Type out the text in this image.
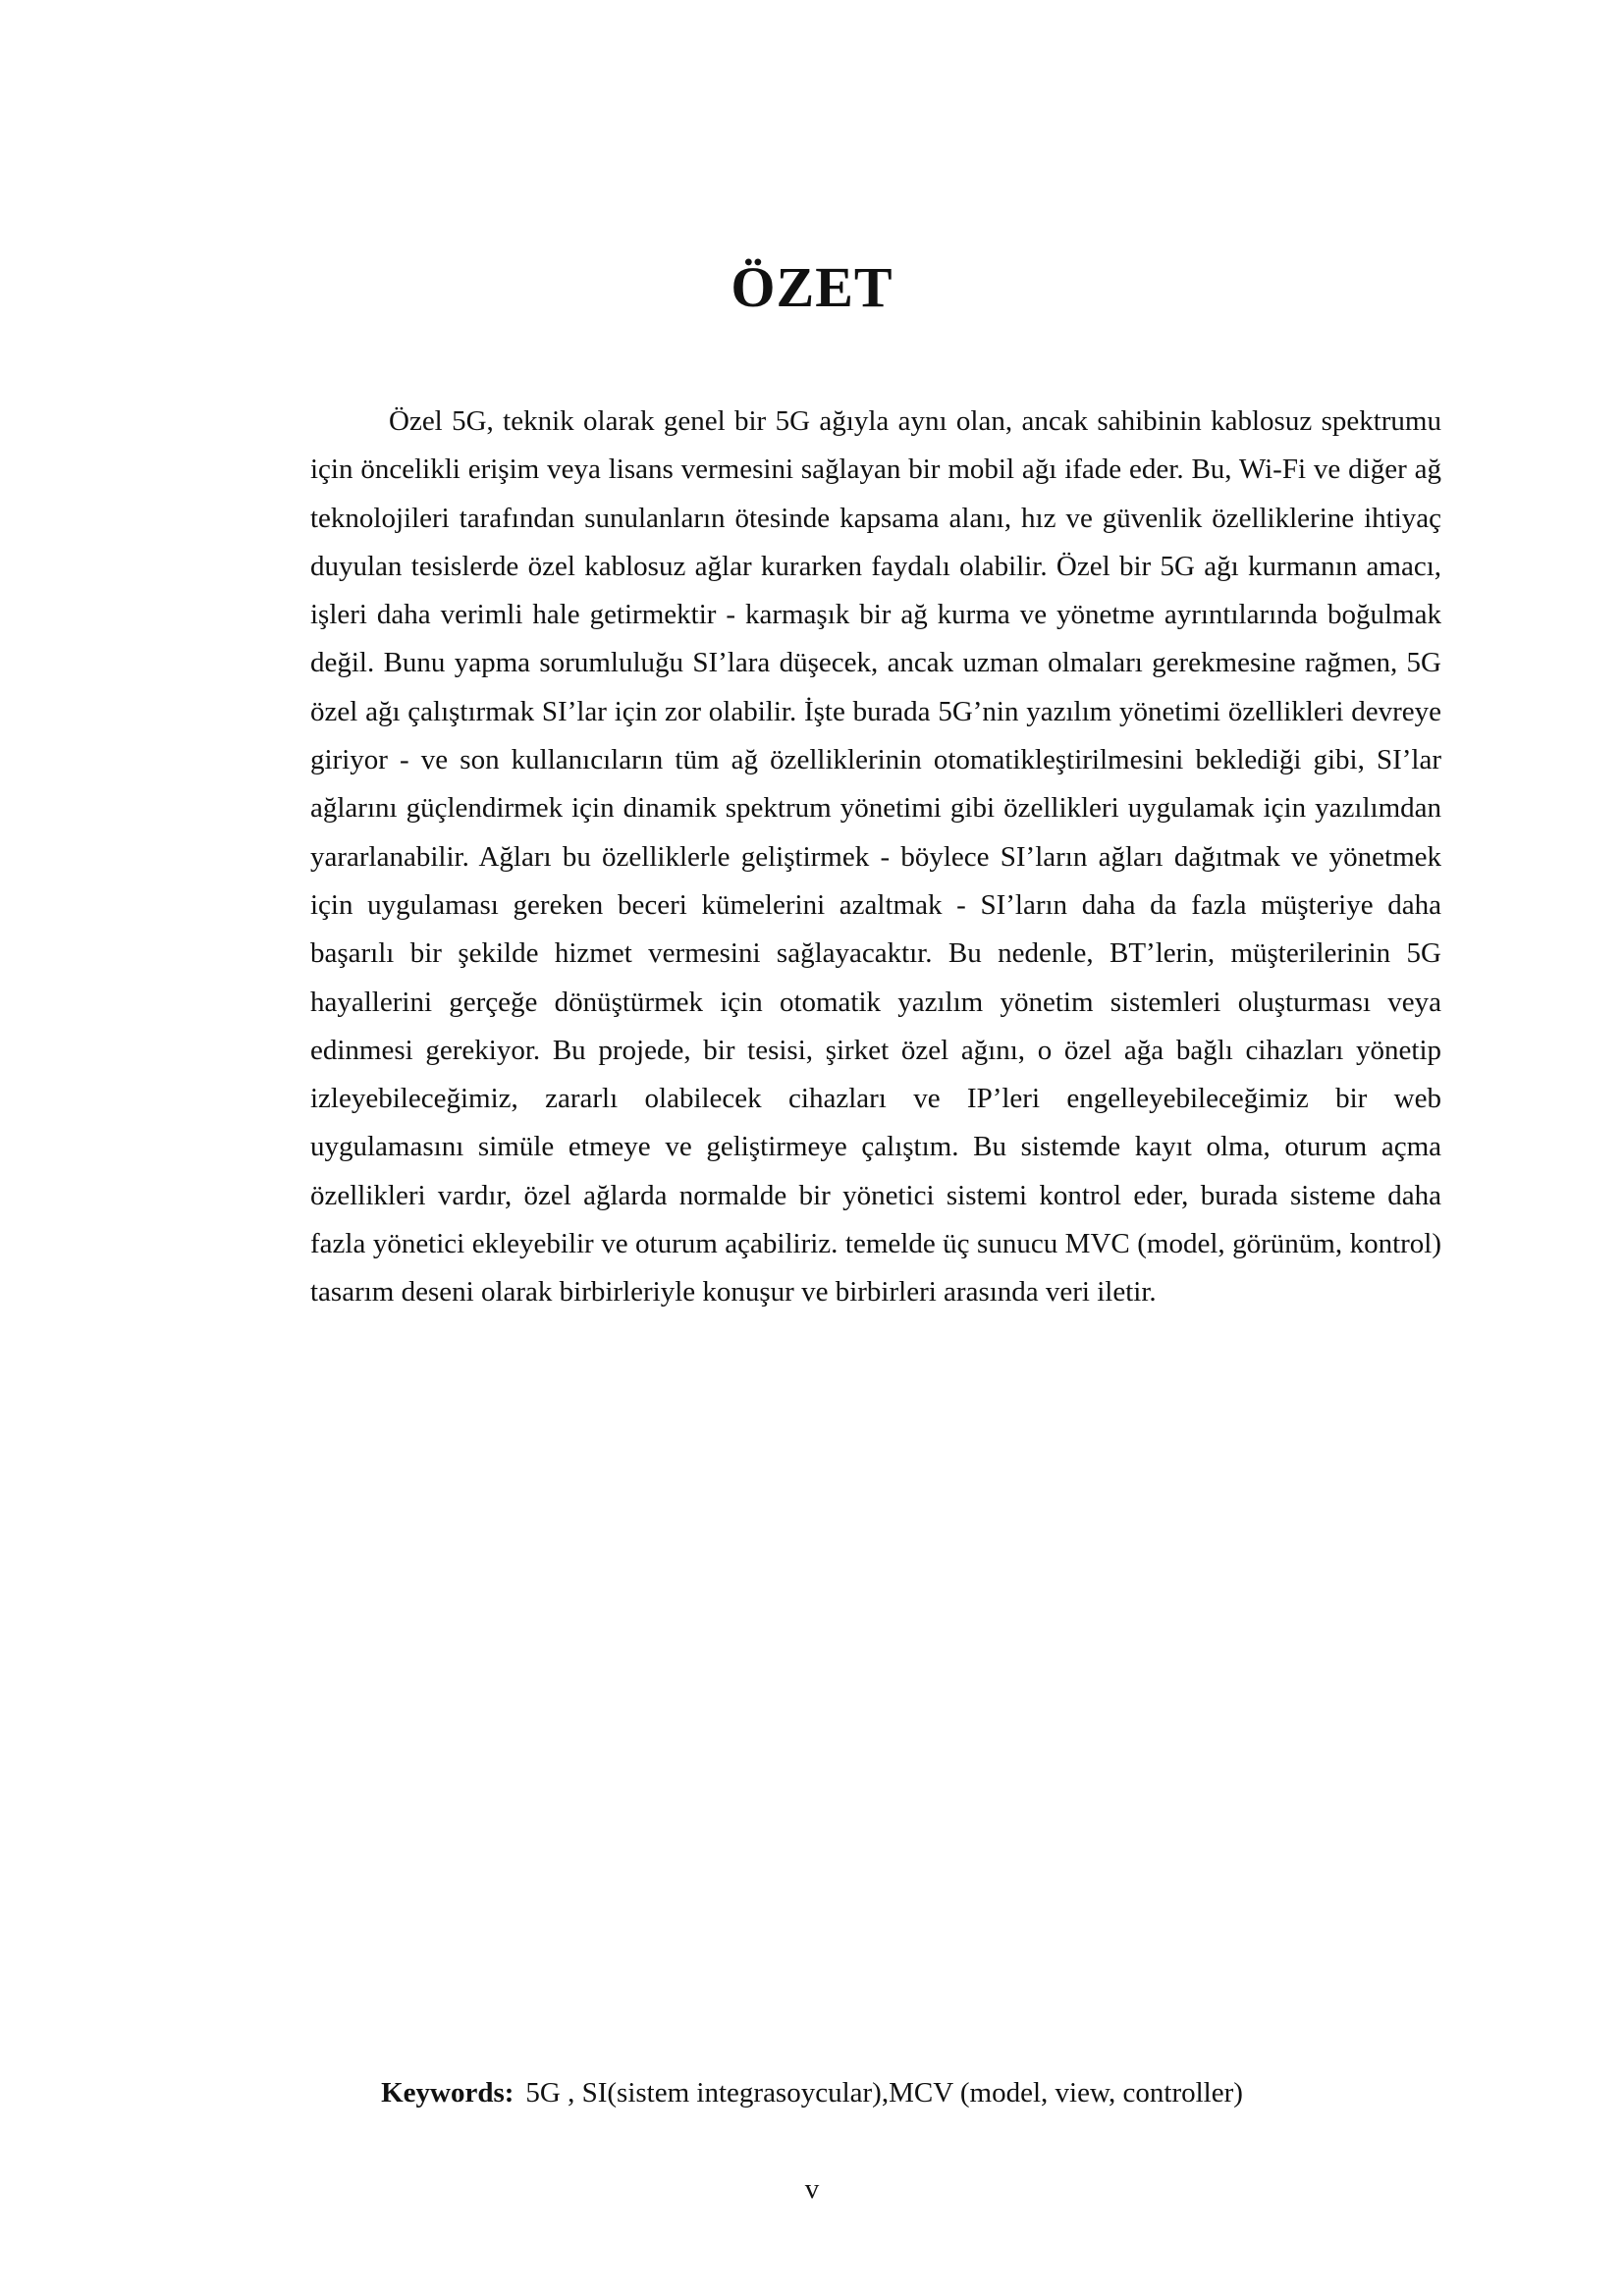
ÖZET

Özel 5G, teknik olarak genel bir 5G ağıyla aynı olan, ancak sahibinin kablosuz spektrumu için öncelikli erişim veya lisans vermesini sağlayan bir mobil ağı ifade eder. Bu, Wi-Fi ve diğer ağ teknolojileri tarafından sunulanların ötesinde kapsama alanı, hız ve güvenlik özelliklerine ihtiyaç duyulan tesislerde özel kablosuz ağlar kurarken faydalı olabilir. Özel bir 5G ağı kurmanın amacı, işleri daha verimli hale getirmektir - karmaşık bir ağ kurma ve yönetme ayrıntılarında boğulmak değil. Bunu yapma sorumluluğu SI’lara düşecek, ancak uzman olmaları gerekmesine rağmen, 5G özel ağı çalıştırmak SI’lar için zor olabilir. İşte burada 5G’nin yazılım yönetimi özellikleri devreye giriyor - ve son kullanıcıların tüm ağ özelliklerinin otomatikleştirilmesini beklediği gibi, SI’lar ağlarını güçlendirmek için dinamik spektrum yönetimi gibi özellikleri uygulamak için yazılımdan yararlanabilir. Ağları bu özelliklerle geliştirmek - böylece SI’ların ağları dağıtmak ve yönetmek için uygulaması gereken beceri kümelerini azaltmak - SI’ların daha da fazla müşteriye daha başarılı bir şekilde hizmet vermesini sağlayacaktır. Bu nedenle, BT’lerin, müşterilerinin 5G hayallerini gerçeğe dönüştürmek için otomatik yazılım yönetim sistemleri oluşturması veya edinmesi gerekiyor. Bu projede, bir tesisi, şirket özel ağını, o özel ağa bağlı cihazları yönetip izleyebileceğimiz, zararlı olabilecek cihazları ve IP’leri engelleyebileceğimiz bir web uygulamasını simüle etmeye ve geliştirmeye çalıştım. Bu sistemde kayıt olma, oturum açma özellikleri vardır, özel ağlarda normalde bir yönetici sistemi kontrol eder, burada sisteme daha fazla yönetici ekleyebilir ve oturum açabiliriz. temelde üç sunucu MVC (model, görünüm, kontrol) tasarım deseni olarak birbirleriyle konuşur ve birbirleri arasında veri iletir.

Keywords: 5G , SI(sistem integrasoycular),MCV (model, view, controller)

v
